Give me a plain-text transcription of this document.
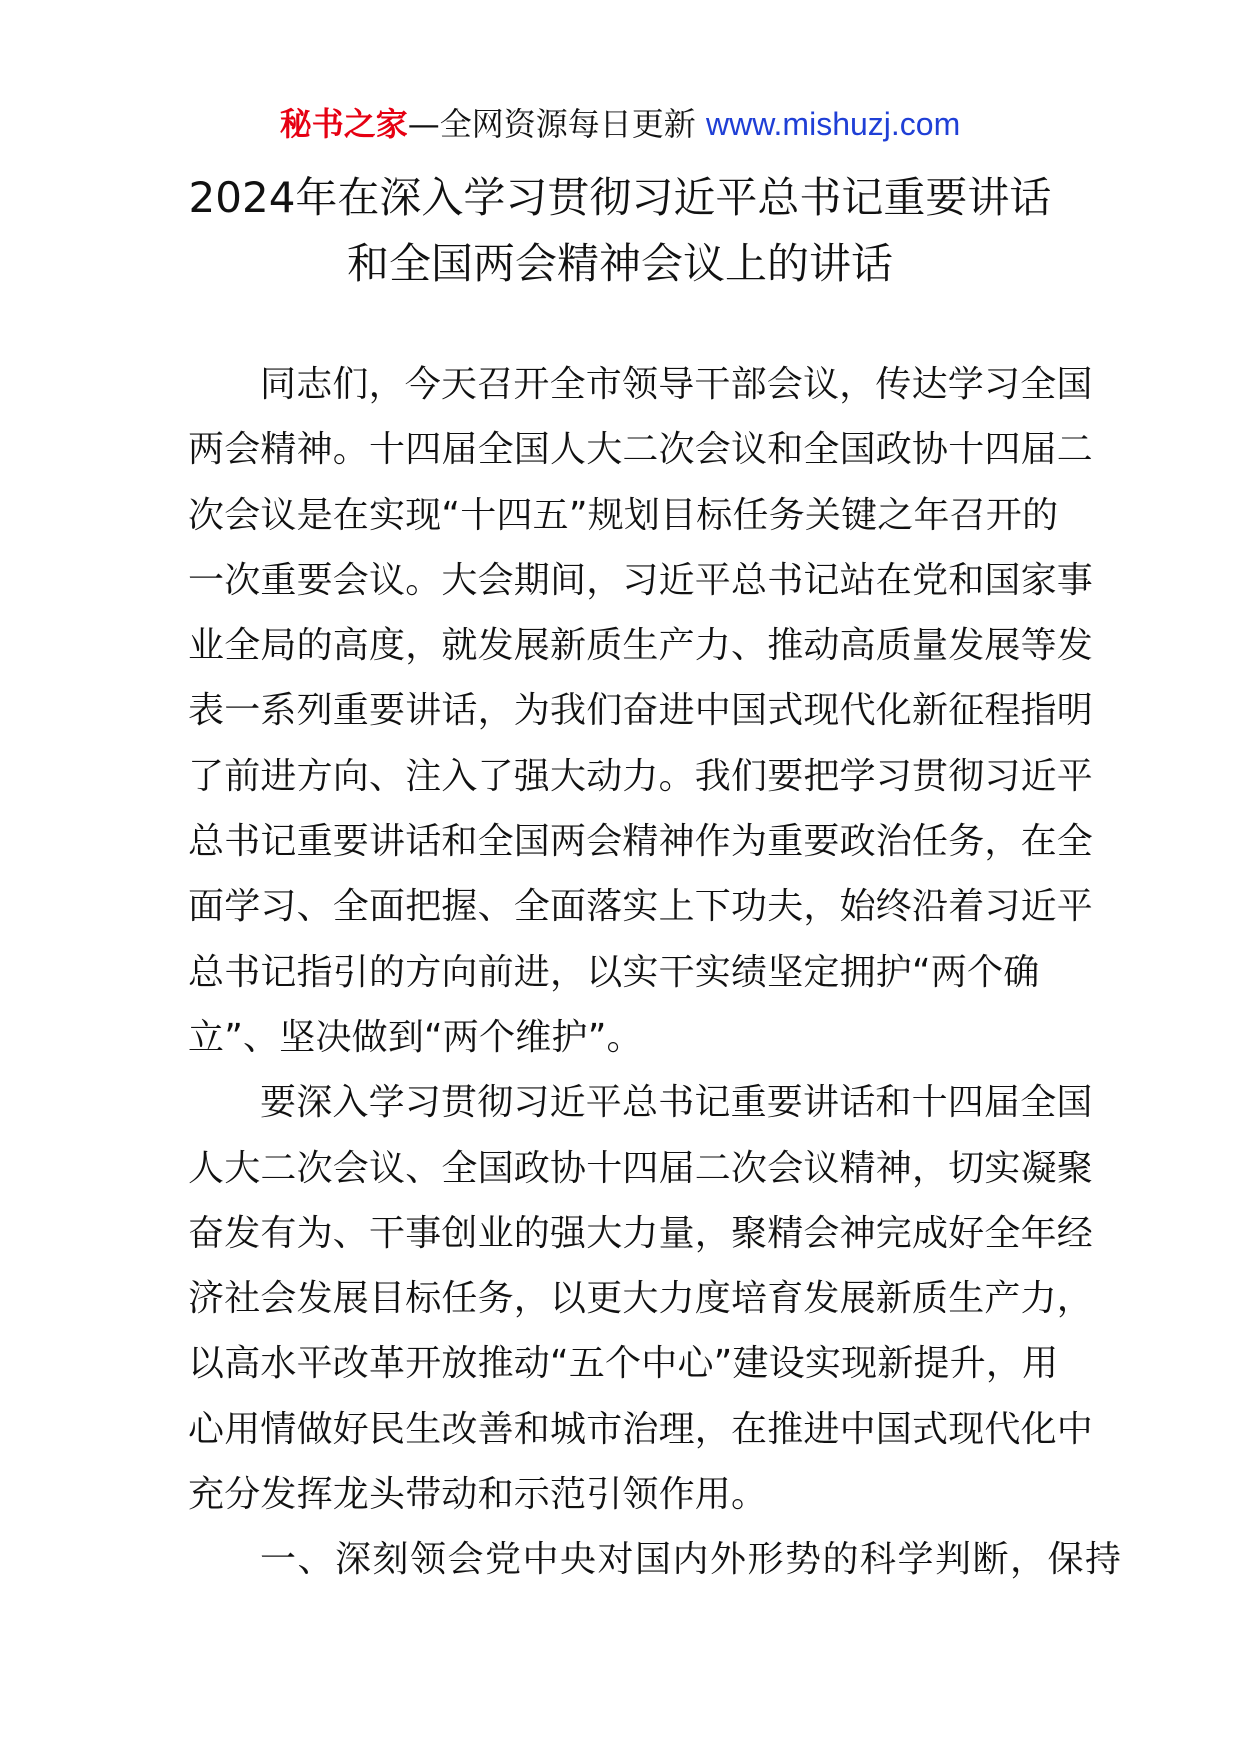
秘书之家—全网资源每日更新 www.mishuzj.com
2024年在深入学习贯彻习近平总书记重要讲话
和全国两会精神会议上的讲话
同志们，今天召开全市领导干部会议，传达学习全国
两会精神。十四届全国人大二次会议和全国政协十四届二
次会议是在实现“十四五”规划目标任务关键之年召开的
一次重要会议。大会期间，习近平总书记站在党和国家事
业全局的高度，就发展新质生产力、推动高质量发展等发
表一系列重要讲话，为我们奋进中国式现代化新征程指明
了前进方向、注入了强大动力。我们要把学习贯彻习近平
总书记重要讲话和全国两会精神作为重要政治任务，在全
面学习、全面把握、全面落实上下功夫，始终沿着习近平
总书记指引的方向前进，以实干实绩坚定拥护“两个确
立”、坚决做到“两个维护”。
要深入学习贯彻习近平总书记重要讲话和十四届全国
人大二次会议、全国政协十四届二次会议精神，切实凝聚
奋发有为、干事创业的强大力量，聚精会神完成好全年经
济社会发展目标任务，以更大力度培育发展新质生产力，
以高水平改革开放推动“五个中心”建设实现新提升，用
心用情做好民生改善和城市治理，在推进中国式现代化中
充分发挥龙头带动和示范引领作用。
一、深刻领会党中央对国内外形势的科学判断，保持
